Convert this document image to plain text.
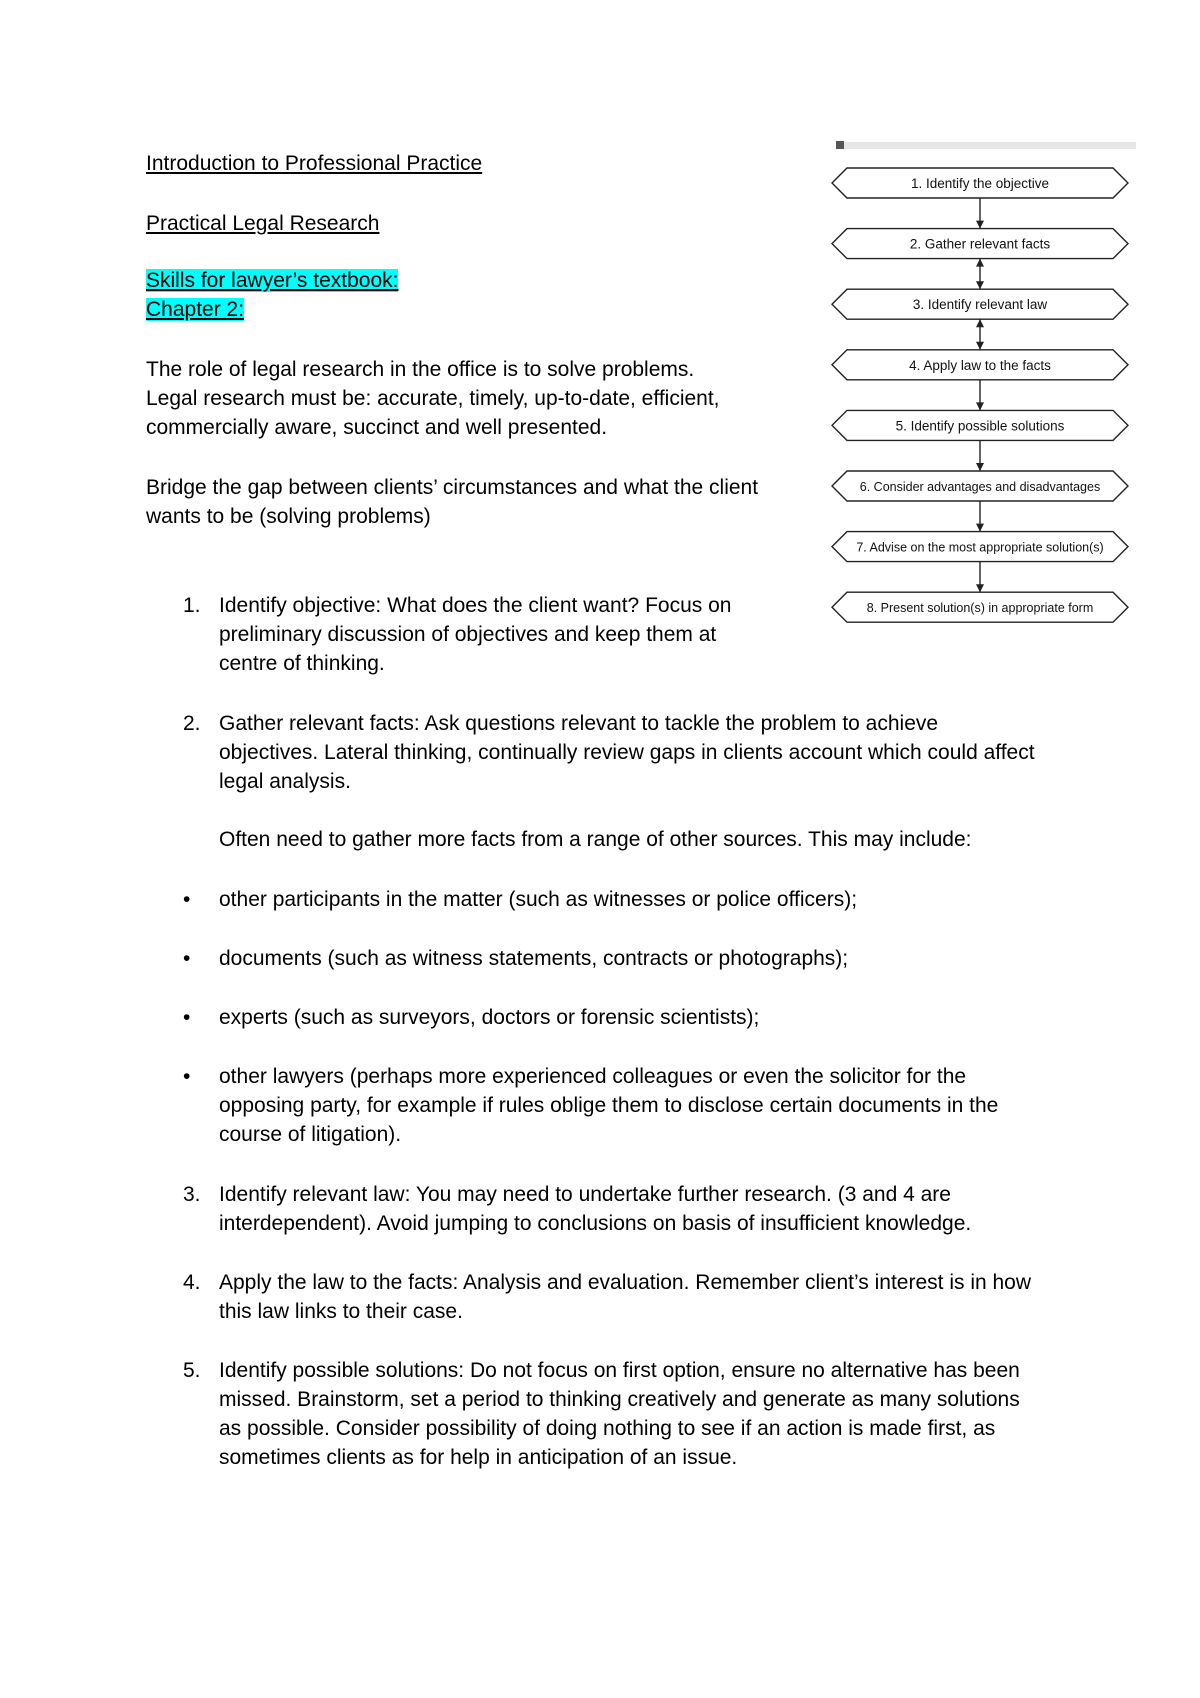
Introduction to Professional Practice
Practical Legal Research
Skills for lawyer’s textbook:
Chapter 2:

The role of legal research in the office is to solve problems.

Legal research must be: accurate, timely, up-to-date, efficient, commercially aware, succinct and well presented.

Bridge the gap between clients’ circumstances and what the client wants to be (solving problems)
1. Identify the objective
2. Gather relevant facts
3. Identify relevant law
4. Apply law to the facts
5. Identify possible solutions
6. Consider advantages and disadvantages
7. Advise on the most appropriate solution(s)
8. Present solution(s) in appropriate form
1. Identify objective: What does the client want? Focus on preliminary discussion of objectives and keep them at centre of thinking.
2. Gather relevant facts: Ask questions relevant to tackle the problem to achieve objectives. Lateral thinking, continually review gaps in clients account which could affect legal analysis.
Often need to gather more facts from a range of other sources. This may include:
• other participants in the matter (such as witnesses or police officers);
• documents (such as witness statements, contracts or photographs);
• experts (such as surveyors, doctors or forensic scientists);
• other lawyers (perhaps more experienced colleagues or even the solicitor for the opposing party, for example if rules oblige them to disclose certain documents in the course of litigation).
3. Identify relevant law: You may need to undertake further research. (3 and 4 are interdependent). Avoid jumping to conclusions on basis of insufficient knowledge.
4. Apply the law to the facts: Analysis and evaluation. Remember client’s interest is in how this law links to their case.
5. Identify possible solutions: Do not focus on first option, ensure no alternative has been missed. Brainstorm, set a period to thinking creatively and generate as many solutions as possible. Consider possibility of doing nothing to see if an action is made first, as sometimes clients as for help in anticipation of an issue.
